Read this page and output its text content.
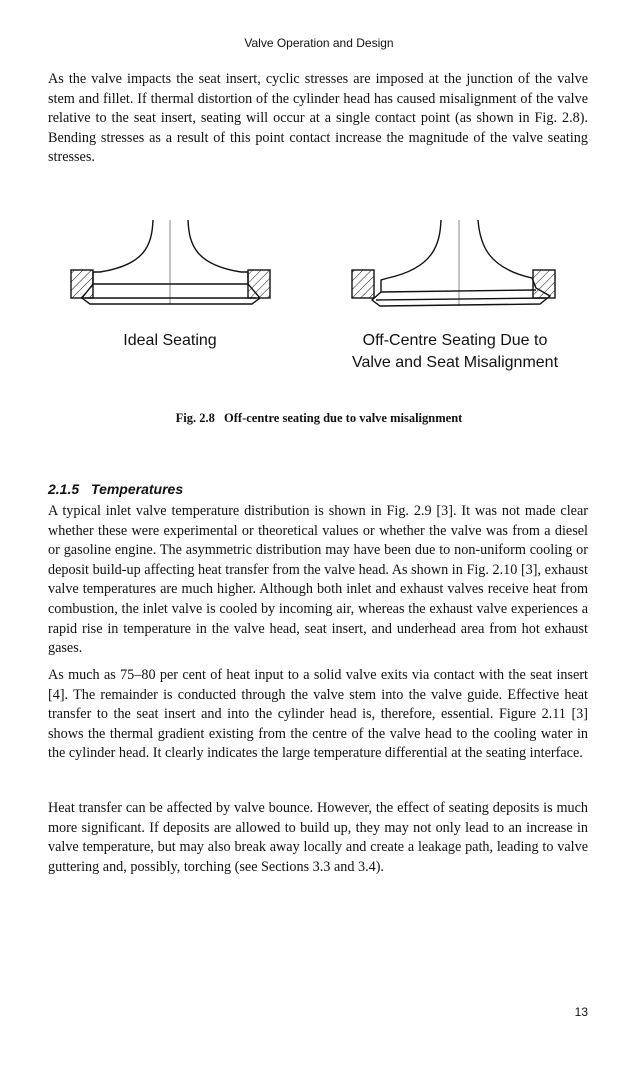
Valve Operation and Design

As the valve impacts the seat insert, cyclic stresses are imposed at the junction of the valve stem and fillet. If thermal distortion of the cylinder head has caused misalignment of the valve relative to the seat insert, seating will occur at a single contact point (as shown in Fig. 2.8). Bending stresses as a result of this point contact increase the magnitude of the valve seating stresses.

Ideal Seating	Off-Centre Seating Due to
Valve and Seat Misalignment
Fig. 2.8 Off-centre seating due to valve misalignment
2.1.5 Temperatures

A typical inlet valve temperature distribution is shown in Fig. 2.9 [3]. It was not made clear whether these were experimental or theoretical values or whether the valve was from a diesel or gasoline engine. The asymmetric distribution may have been due to non-uniform cooling or deposit build-up affecting heat transfer from the valve head. As shown in Fig. 2.10 [3], exhaust valve temperatures are much higher. Although both inlet and exhaust valves receive heat from combustion, the inlet valve is cooled by incoming air, whereas the exhaust valve experiences a rapid rise in temperature in the valve head, seat insert, and underhead area from hot exhaust gases.

As much as 75–80 per cent of heat input to a solid valve exits via contact with the seat insert [4]. The remainder is conducted through the valve stem into the valve guide. Effective heat transfer to the seat insert and into the cylinder head is, therefore, essential. Figure 2.11 [3] shows the thermal gradient existing from the centre of the valve head to the cooling water in the cylinder head. It clearly indicates the large temperature differential at the seating interface.

Heat transfer can be affected by valve bounce. However, the effect of seating deposits is much more significant. If deposits are allowed to build up, they may not only lead to an increase in valve temperature, but may also break away locally and create a leakage path, leading to valve guttering and, possibly, torching (see Sections 3.3 and 3.4).

13
